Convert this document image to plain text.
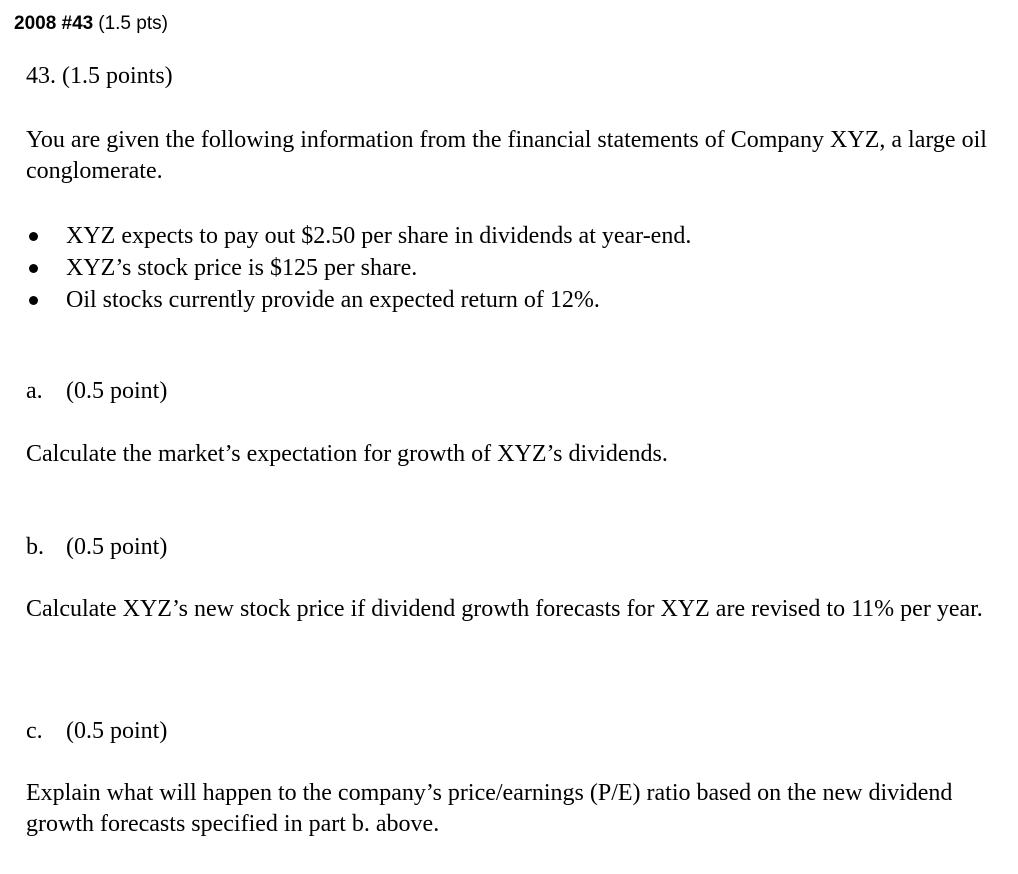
2008 #43 (1.5 pts)

43. (1.5 points)

You are given the following information from the financial statements of Company XYZ, a large oil conglomerate.

XYZ expects to pay out $2.50 per share in dividends at year-end.
XYZ’s stock price is $125 per share.
Oil stocks currently provide an expected return of 12%.

a. (0.5 point)

Calculate the market’s expectation for growth of XYZ’s dividends.

b. (0.5 point)

Calculate XYZ’s new stock price if dividend growth forecasts for XYZ are revised to 11% per year.

c. (0.5 point)

Explain what will happen to the company’s price/earnings (P/E) ratio based on the new dividend growth forecasts specified in part b. above.
